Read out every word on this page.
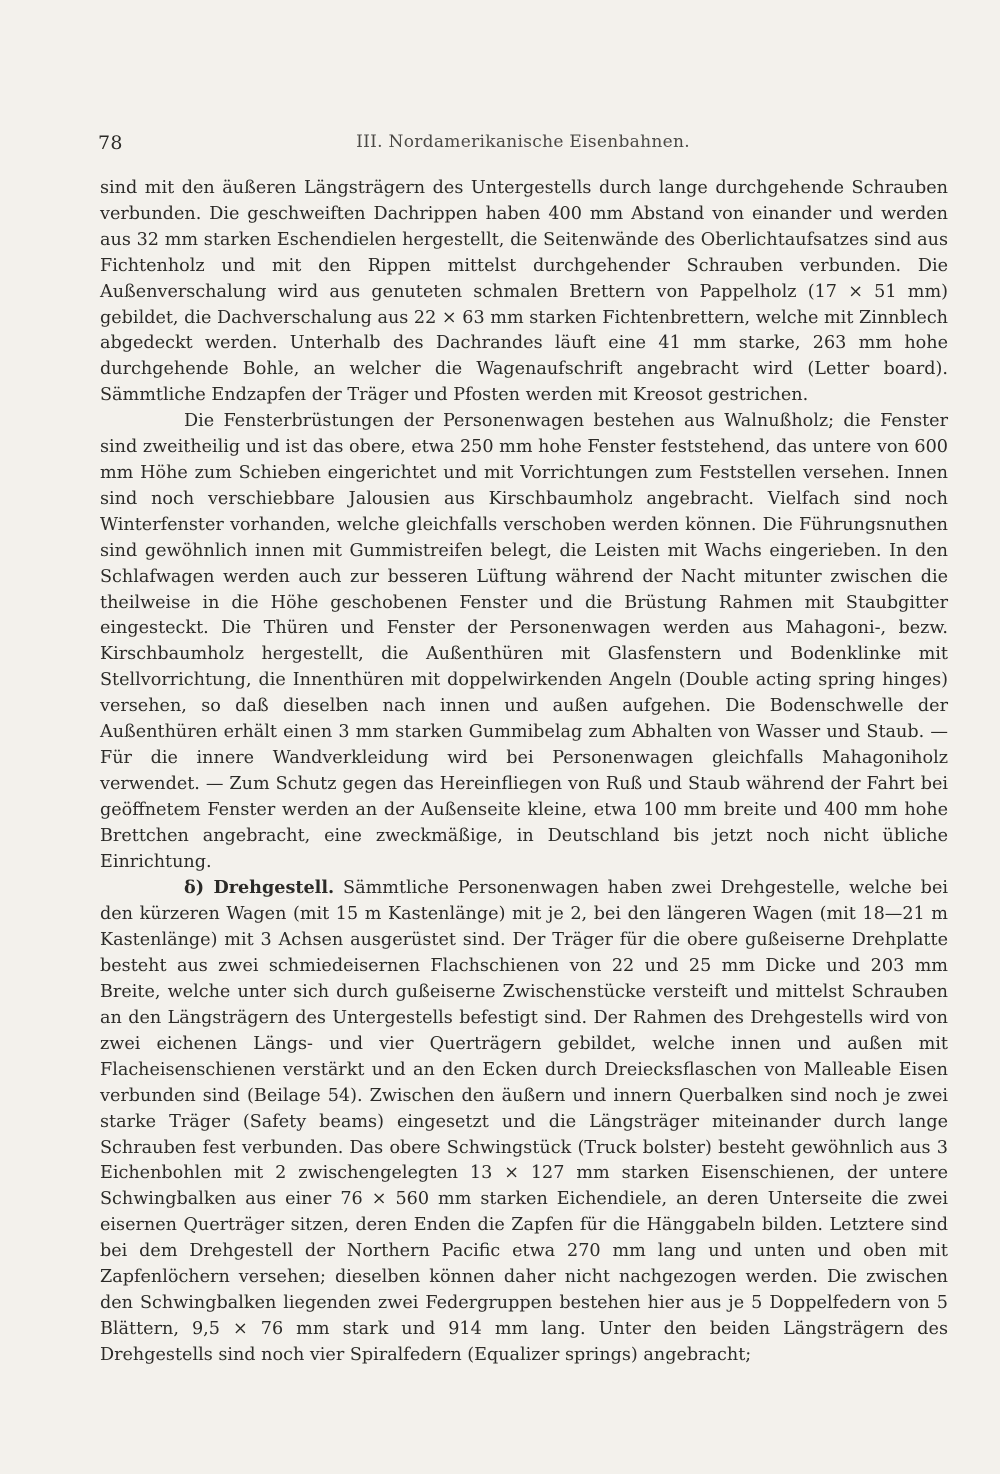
78	III. Nordamerikanische Eisenbahnen.

sind mit den äußeren Längsträgern des Untergestells durch lange durchgehende Schrauben verbunden. Die geschweiften Dachrippen haben 400 mm Abstand von einander und werden aus 32 mm starken Eschendielen hergestellt, die Seitenwände des Oberlichtaufsatzes sind aus Fichtenholz und mit den Rippen mittelst durchgehender Schrauben verbunden. Die Außenverschalung wird aus genuteten schmalen Brettern von Pappelholz (17 × 51 mm) gebildet, die Dachverschalung aus 22 × 63 mm starken Fichtenbrettern, welche mit Zinnblech abgedeckt werden. Unterhalb des Dachrandes läuft eine 41 mm starke, 263 mm hohe durchgehende Bohle, an welcher die Wagenaufschrift angebracht wird (Letter board). Sämmtliche Endzapfen der Träger und Pfosten werden mit Kreosot gestrichen.

Die Fensterbrüstungen der Personenwagen bestehen aus Walnußholz; die Fenster sind zweitheilig und ist das obere, etwa 250 mm hohe Fenster feststehend, das untere von 600 mm Höhe zum Schieben eingerichtet und mit Vorrichtungen zum Feststellen versehen. Innen sind noch verschiebbare Jalousien aus Kirschbaumholz angebracht. Vielfach sind noch Winterfenster vorhanden, welche gleichfalls verschoben werden können. Die Führungsnuthen sind gewöhnlich innen mit Gummistreifen belegt, die Leisten mit Wachs eingerieben. In den Schlafwagen werden auch zur besseren Lüftung während der Nacht mitunter zwischen die theilweise in die Höhe geschobenen Fenster und die Brüstung Rahmen mit Staubgitter eingesteckt. Die Thüren und Fenster der Personenwagen werden aus Mahagoni-, bezw. Kirschbaumholz hergestellt, die Außenthüren mit Glasfenstern und Bodenklinke mit Stellvorrichtung, die Innenthüren mit doppelwirkenden Angeln (Double acting spring hinges) versehen, so daß dieselben nach innen und außen aufgehen. Die Bodenschwelle der Außenthüren erhält einen 3 mm starken Gummibelag zum Abhalten von Wasser und Staub. — Für die innere Wandverkleidung wird bei Personenwagen gleichfalls Mahagoniholz verwendet. — Zum Schutz gegen das Hereinfliegen von Ruß und Staub während der Fahrt bei geöffnetem Fenster werden an der Außenseite kleine, etwa 100 mm breite und 400 mm hohe Brettchen angebracht, eine zweckmäßige, in Deutschland bis jetzt noch nicht übliche Einrichtung.

δ) Drehgestell. Sämmtliche Personenwagen haben zwei Drehgestelle, welche bei den kürzeren Wagen (mit 15 m Kastenlänge) mit je 2, bei den längeren Wagen (mit 18—21 m Kastenlänge) mit 3 Achsen ausgerüstet sind. Der Träger für die obere gußeiserne Drehplatte besteht aus zwei schmiedeisernen Flachschienen von 22 und 25 mm Dicke und 203 mm Breite, welche unter sich durch gußeiserne Zwischenstücke versteift und mittelst Schrauben an den Längsträgern des Untergestells befestigt sind. Der Rahmen des Drehgestells wird von zwei eichenen Längs- und vier Querträgern gebildet, welche innen und außen mit Flacheisenschienen verstärkt und an den Ecken durch Dreiecksflaschen von Malleable Eisen verbunden sind (Beilage 54). Zwischen den äußern und innern Querbalken sind noch je zwei starke Träger (Safety beams) eingesetzt und die Längsträger miteinander durch lange Schrauben fest verbunden. Das obere Schwingstück (Truck bolster) besteht gewöhnlich aus 3 Eichenbohlen mit 2 zwischengelegten 13 × 127 mm starken Eisenschienen, der untere Schwingbalken aus einer 76 × 560 mm starken Eichendiele, an deren Unterseite die zwei eisernen Querträger sitzen, deren Enden die Zapfen für die Hänggabeln bilden. Letztere sind bei dem Drehgestell der Northern Pacific etwa 270 mm lang und unten und oben mit Zapfenlöchern versehen; dieselben können daher nicht nachgezogen werden. Die zwischen den Schwingbalken liegenden zwei Federgruppen bestehen hier aus je 5 Doppelfedern von 5 Blättern, 9,5 × 76 mm stark und 914 mm lang. Unter den beiden Längsträgern des Drehgestells sind noch vier Spiralfedern (Equalizer springs) angebracht;
